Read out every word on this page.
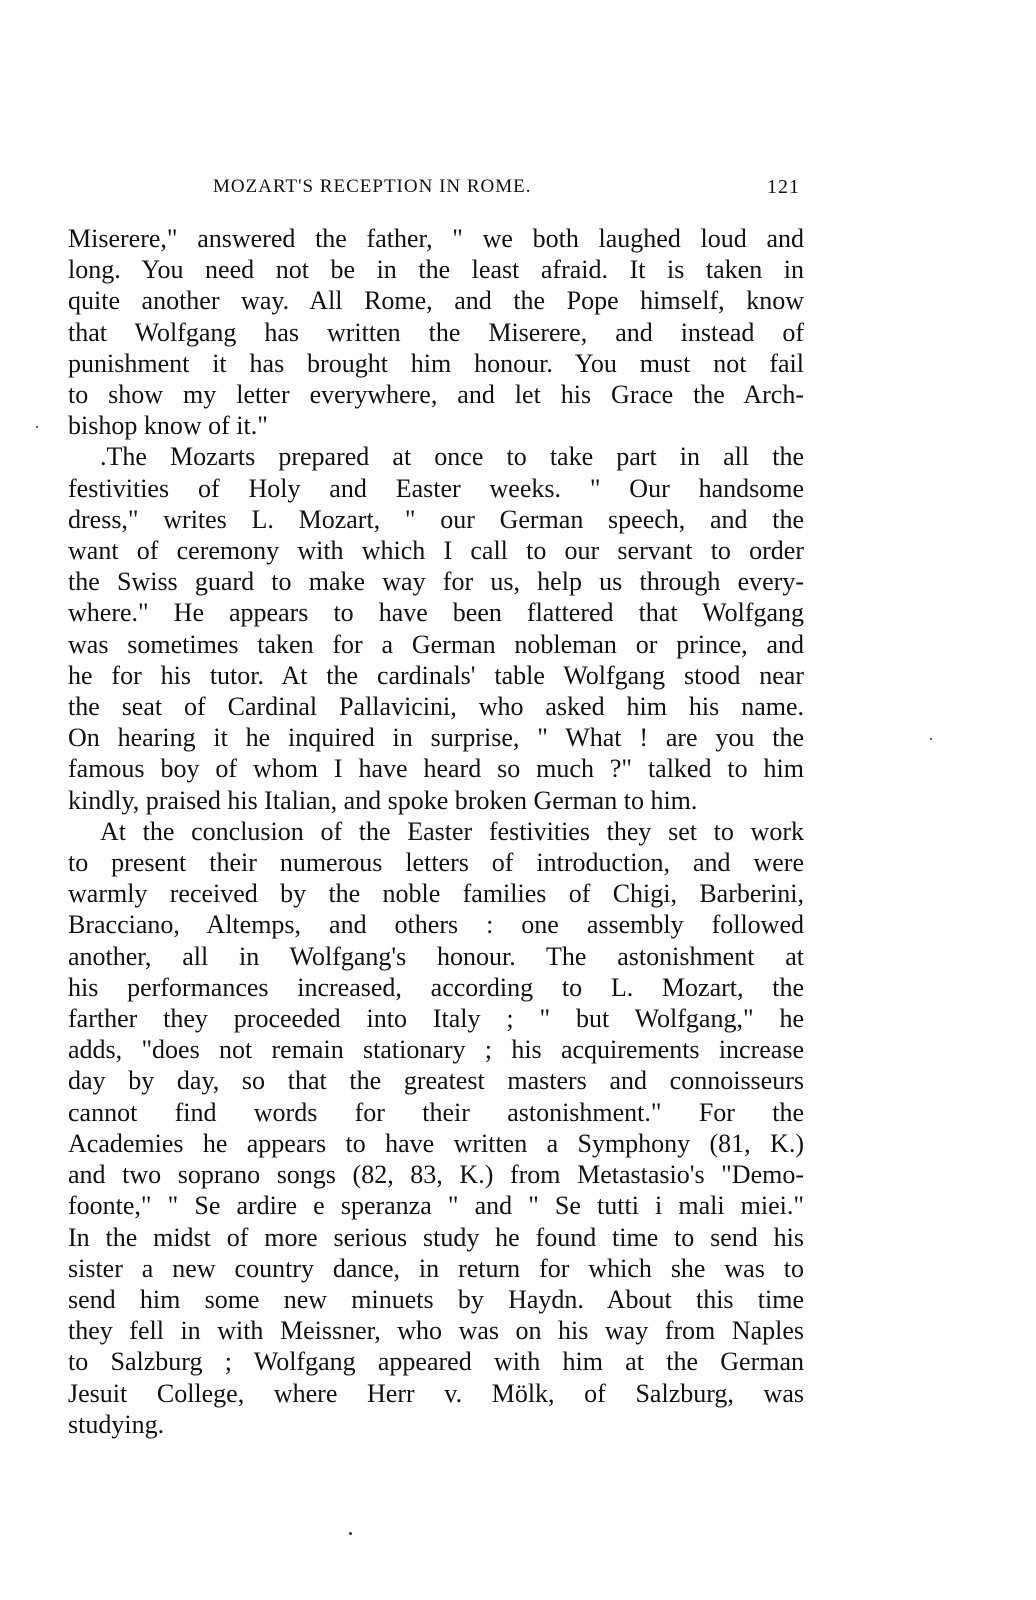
MOZART'S RECEPTION IN ROME.	121

Miserere," answered the father, " we both laughed loud and
long. You need not be in the least afraid. It is taken in
quite another way. All Rome, and the Pope himself, know
that Wolfgang has written the Miserere, and instead of
punishment it has brought him honour. You must not fail
to show my letter everywhere, and let his Grace the Arch-
bishop know of it."

.The Mozarts prepared at once to take part in all the
festivities of Holy and Easter weeks. " Our handsome
dress," writes L. Mozart, " our German speech, and the
want of ceremony with which I call to our servant to order
the Swiss guard to make way for us, help us through every-
where." He appears to have been flattered that Wolfgang
was sometimes taken for a German nobleman or prince, and
he for his tutor. At the cardinals' table Wolfgang stood near
the seat of Cardinal Pallavicini, who asked him his name.
On hearing it he inquired in surprise, " What ! are you the
famous boy of whom I have heard so much ?" talked to him
kindly, praised his Italian, and spoke broken German to him.

At the conclusion of the Easter festivities they set to work
to present their numerous letters of introduction, and were
warmly received by the noble families of Chigi, Barberini,
Bracciano, Altemps, and others : one assembly followed
another, all in Wolfgang's honour. The astonishment at
his performances increased, according to L. Mozart, the
farther they proceeded into Italy ; " but Wolfgang," he
adds, "does not remain stationary ; his acquirements increase
day by day, so that the greatest masters and connoisseurs
cannot find words for their astonishment." For the
Academies he appears to have written a Symphony (81, K.)
and two soprano songs (82, 83, K.) from Metastasio's "Demo-
foonte," " Se ardire e speranza " and " Se tutti i mali miei."
In the midst of more serious study he found time to send his
sister a new country dance, in return for which she was to
send him some new minuets by Haydn. About this time
they fell in with Meissner, who was on his way from Naples
to Salzburg ; Wolfgang appeared with him at the German
Jesuit College, where Herr v. Mölk, of Salzburg, was
studying.
